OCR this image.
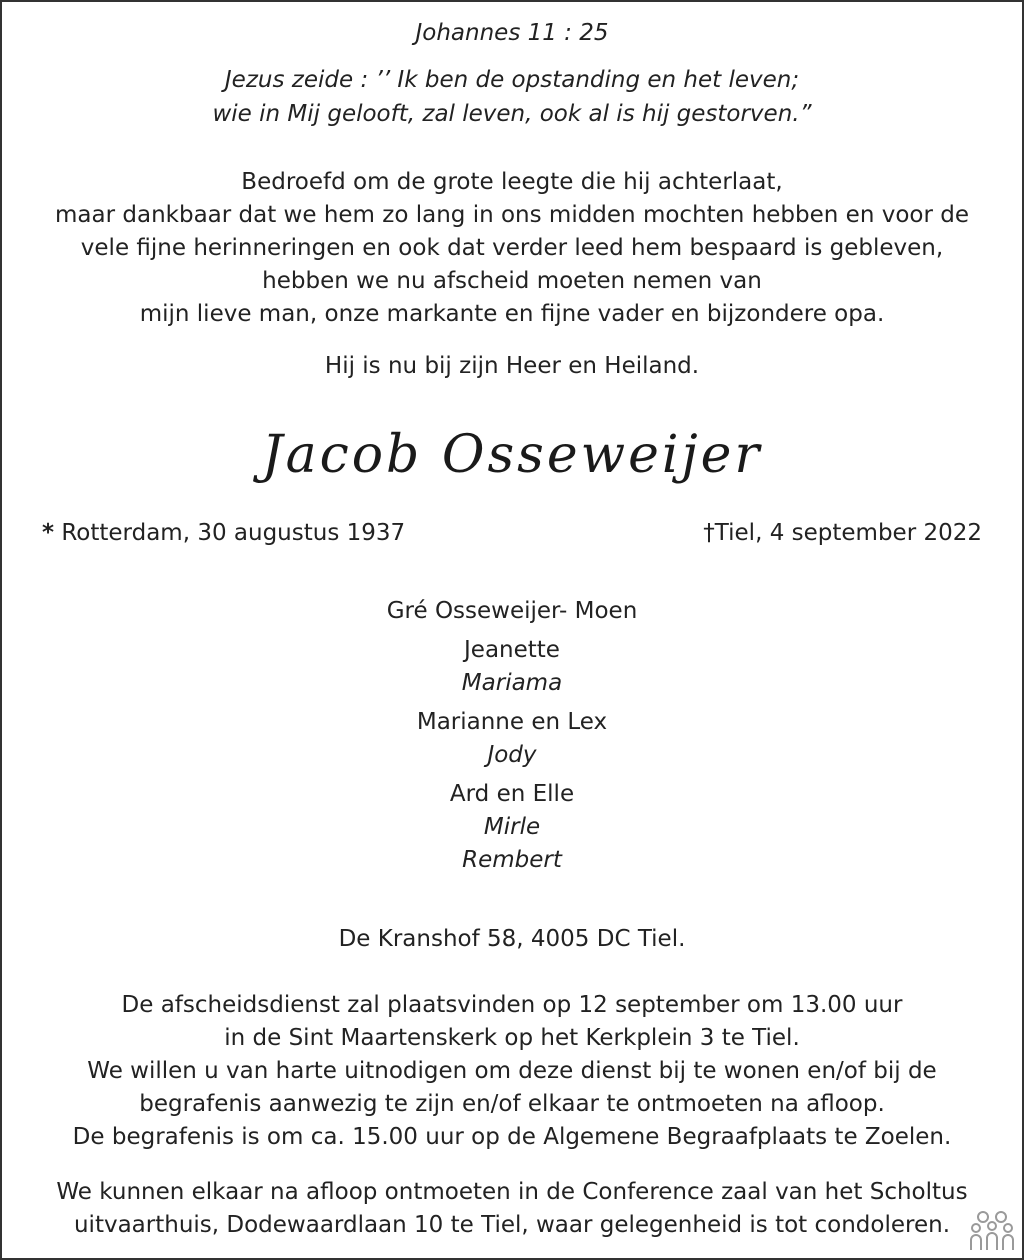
Johannes 11 : 25
Jezus zeide : ’’ Ik ben de opstanding en het leven;
wie in Mij gelooft, zal leven, ook al is hij gestorven.”
Bedroefd om de grote leegte die hij achterlaat,
maar dankbaar dat we hem zo lang in ons midden mochten hebben en voor de
vele fijne herinneringen en ook dat verder leed hem bespaard is gebleven,
hebben we nu afscheid moeten nemen van
mijn lieve man, onze markante en fijne vader en bijzondere opa.
Hij is nu bij zijn Heer en Heiland.
Jacob Osseweijer
* Rotterdam, 30 augustus 1937	†Tiel, 4 september 2022
Gré Osseweijer- Moen
Jeanette
Mariama
Marianne en Lex
Jody
Ard en Elle
Mirle
Rembert
De Kranshof 58, 4005 DC Tiel.
De afscheidsdienst zal plaatsvinden op 12 september om 13.00 uur
in de Sint Maartenskerk op het Kerkplein 3 te Tiel.
We willen u van harte uitnodigen om deze dienst bij te wonen en/of bij de
begrafenis aanwezig te zijn en/of elkaar te ontmoeten na afloop.
De begrafenis is om ca. 15.00 uur op de Algemene Begraafplaats te Zoelen.
We kunnen elkaar na afloop ontmoeten in de Conference zaal van het Scholtus
uitvaarthuis, Dodewaardlaan 10 te Tiel, waar gelegenheid is tot condoleren.
